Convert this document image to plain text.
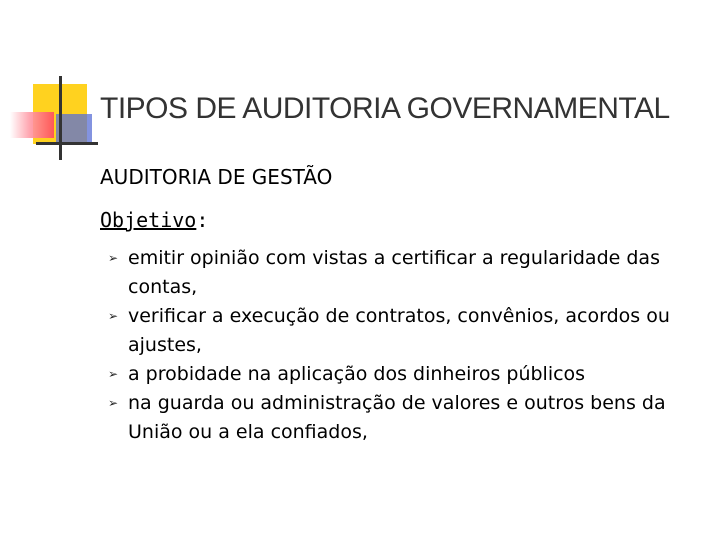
TIPOS DE AUDITORIA GOVERNAMENTAL
AUDITORIA DE GESTÃO
Objetivo:
➢ emitir opinião com vistas a certificar a regularidade das contas,
➢ verificar a execução de contratos, convênios, acordos ou ajustes,
➢ a probidade na aplicação dos dinheiros públicos
➢ na guarda ou administração de valores e outros bens da União ou a ela confiados,
